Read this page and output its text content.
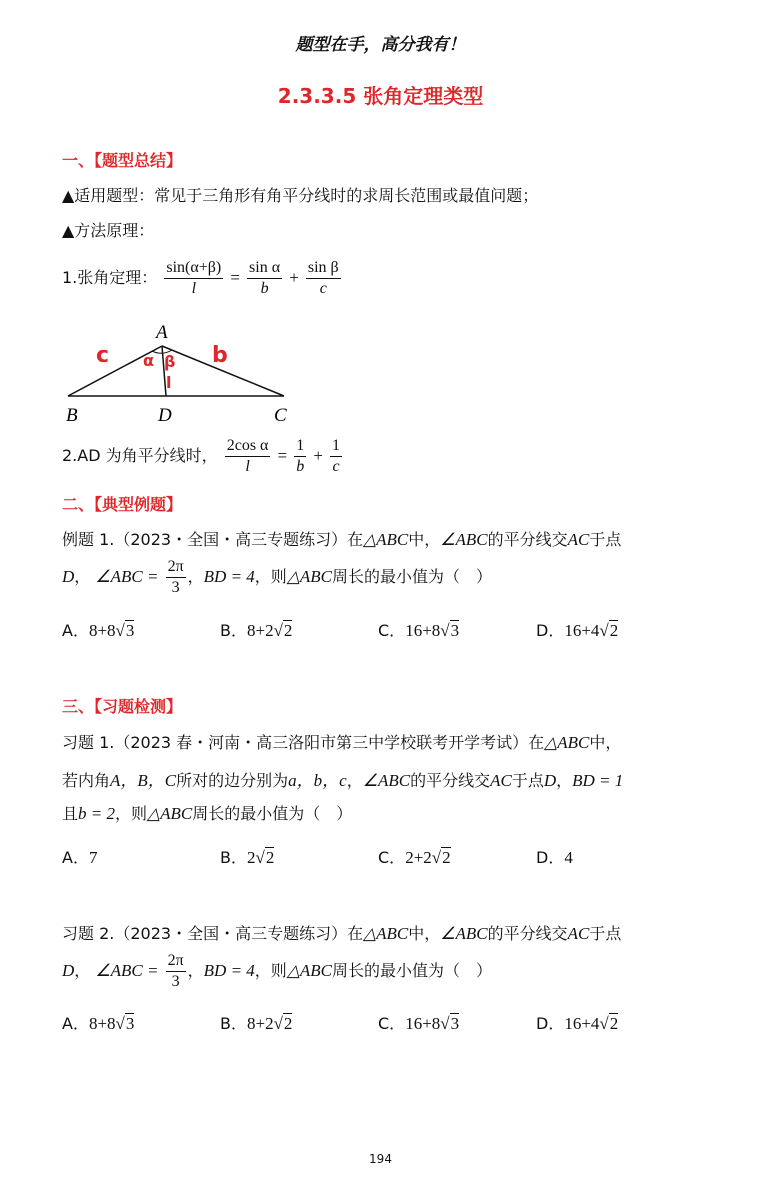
题型在手，高分我有！
2.3.3.5 张角定理类型
一、【题型总结】
▲适用题型：常见于三角形有角平分线时的求周长范围或最值问题；
▲方法原理：
1.张角定理： $\frac{\sin(\alpha+\beta)}{l} = \frac{\text{sin α}}{b} + \frac{\text{sin β}}{c}$
A
B	D	C
c	b
α β
l
2.AD 为角平分线时， $\frac{\text{2cos α}}{l} = \frac{1}{b} + \frac{1}{c}$
二、【典型例题】
例题 1.（2023・全国・高三专题练习）在△ABC中，∠ABC的平分线交AC于点
D， ∠ABC = $\frac{2\pi}{3}$ ，BD = 4，则△ABC周长的最小值为（　）
A．8+8√3	B．8+2√2	C．16+8√3	D．16+4√2
三、【习题检测】
习题 1.（2023 春・河南・高三洛阳市第三中学校联考开学考试）在△ABC中，
若内角A，B，C所对的边分别为a，b，c，∠ABC的平分线交AC于点D，BD = 1
且b = 2，则△ABC周长的最小值为（　）
A．7	B．2√2	C．2+2√2	D．4
习题 2.（2023・全国・高三专题练习）在△ABC中，∠ABC的平分线交AC于点
D， ∠ABC = $\frac{2\pi}{3}$ ，BD = 4，则△ABC周长的最小值为（　）
A．8+8√3	B．8+2√2	C．16+8√3	D．16+4√2
194
